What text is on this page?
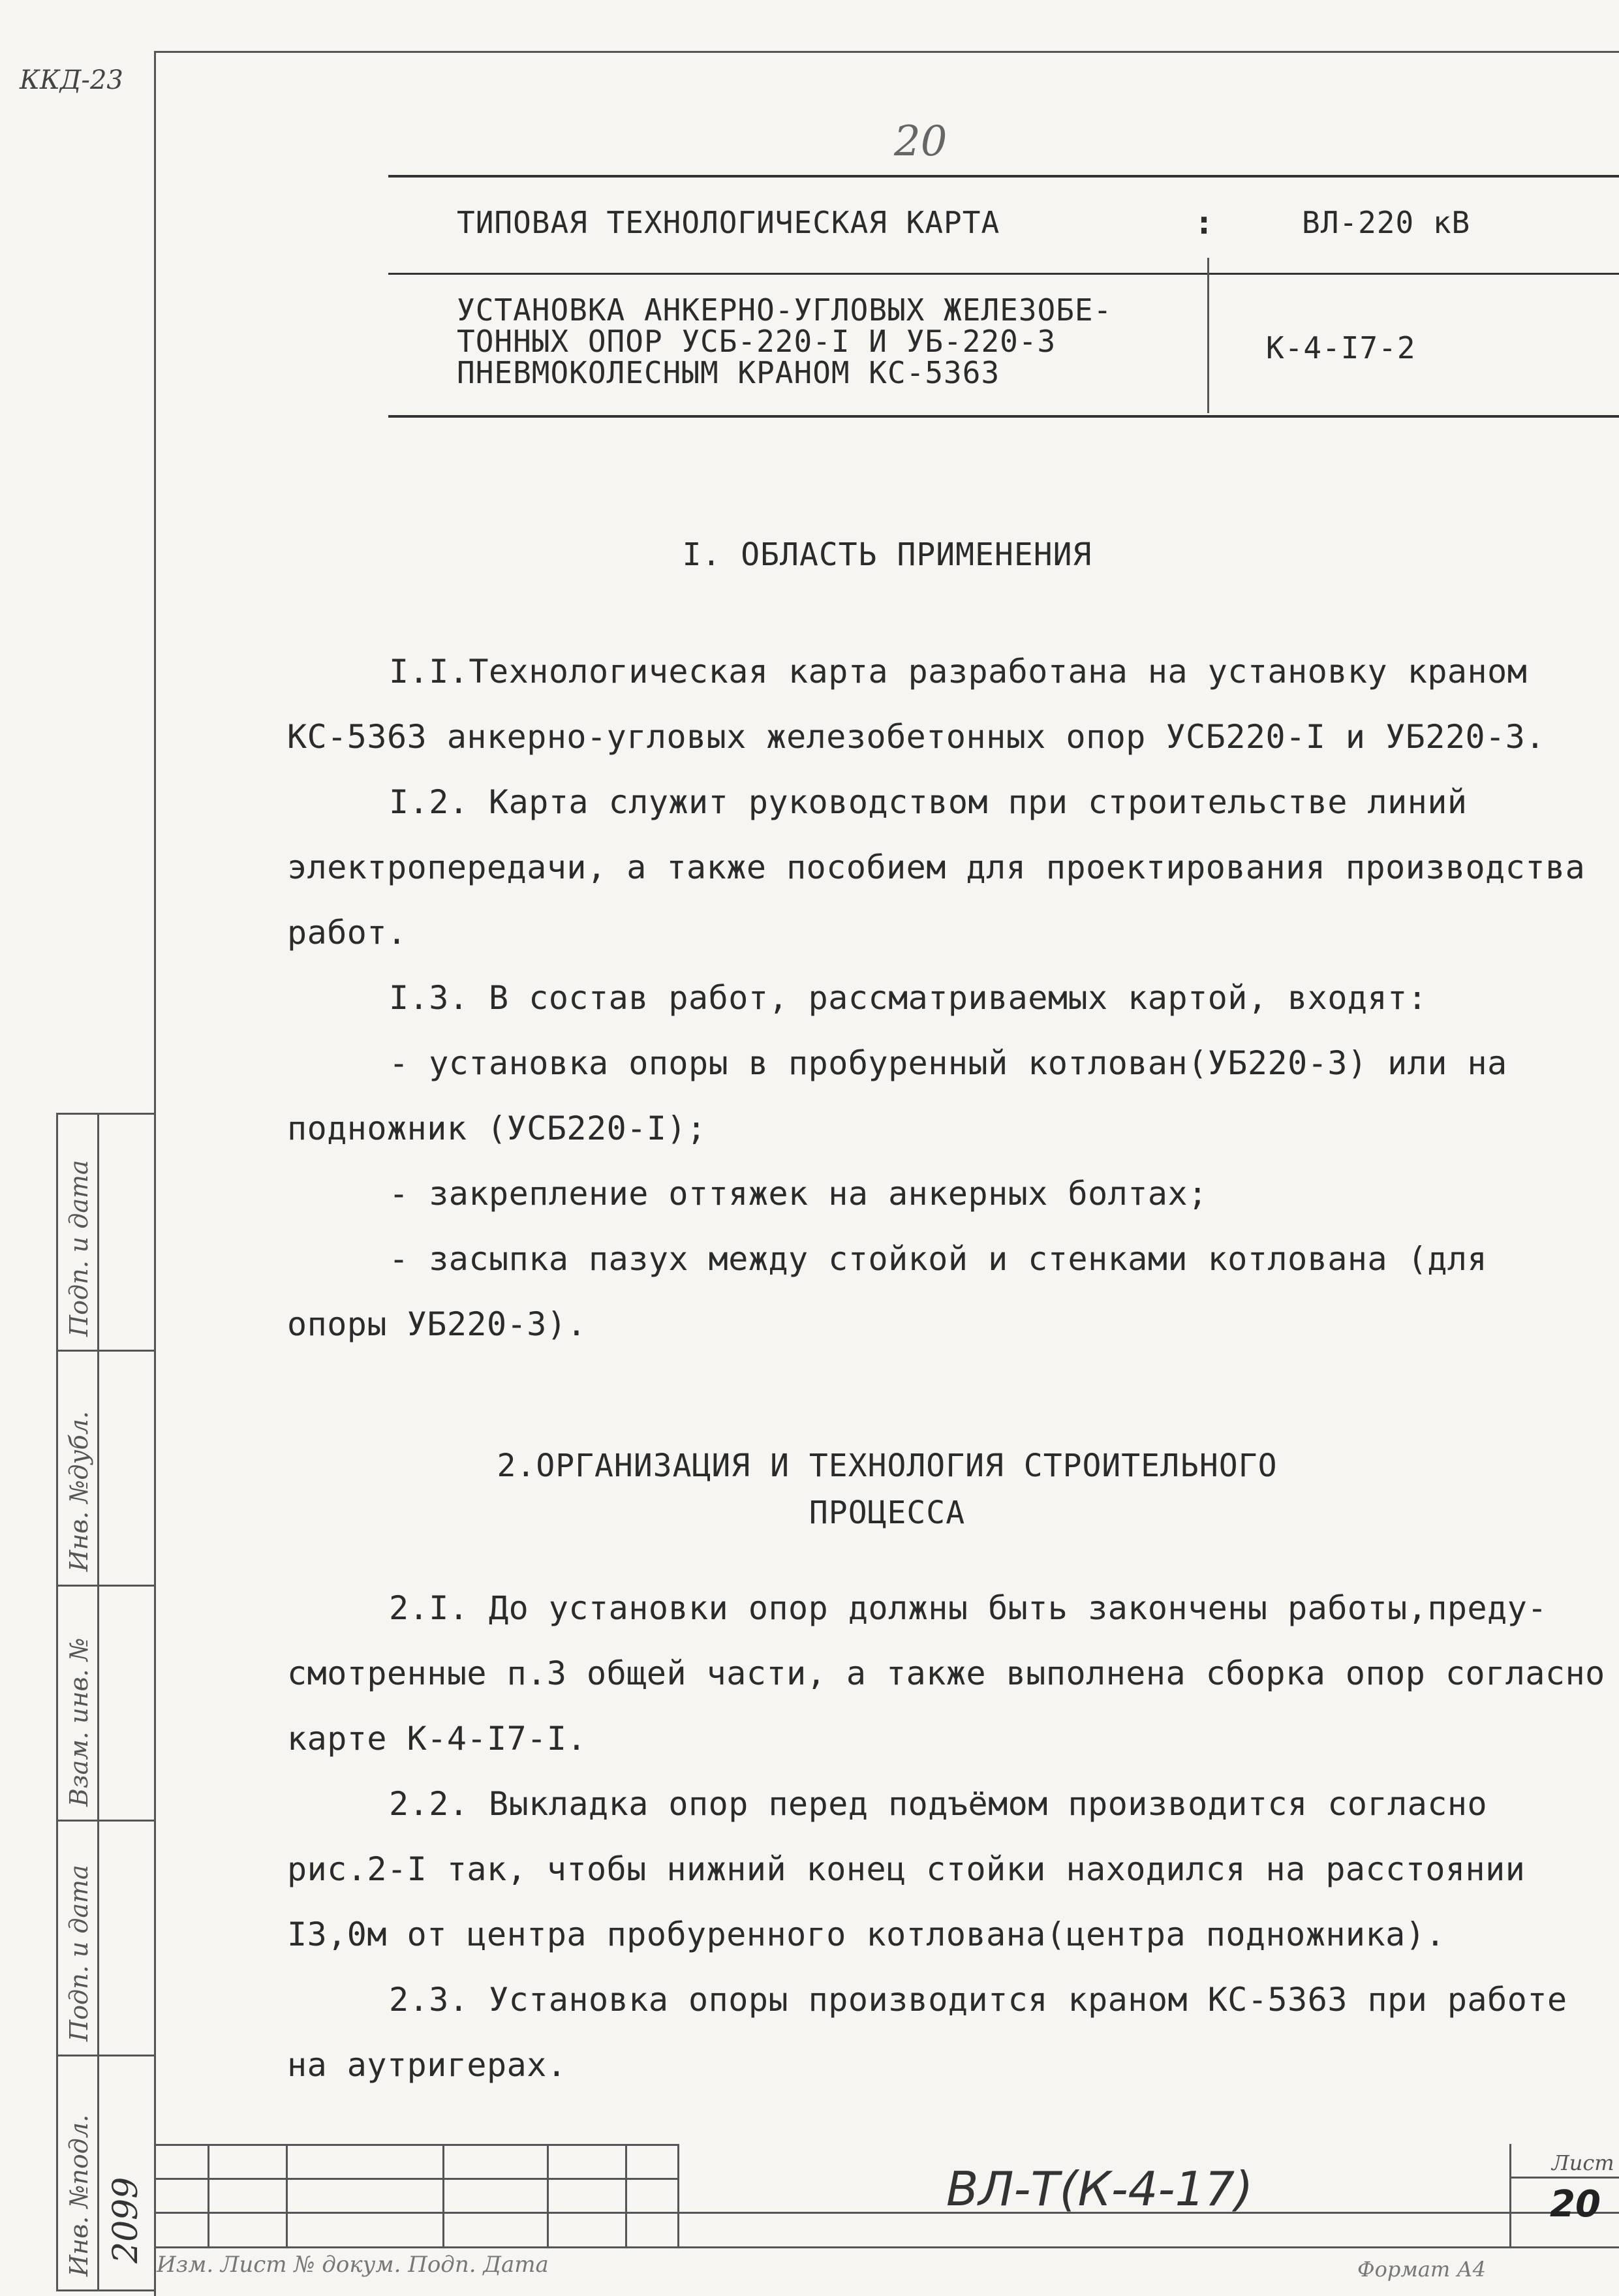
ККД-23
20
ТИПОВАЯ ТЕХНОЛОГИЧЕСКАЯ КАРТА	:	ВЛ-220 кВ
УСТАНОВКА АНКЕРНО-УГЛОВЫХ ЖЕЛЕЗОБЕ-
ТОННЫХ ОПОР УСБ-220-I И УБ-220-3
ПНЕВМОКОЛЕСНЫМ КРАНОМ КС-5363
К-4-I7-2
I. ОБЛАСТЬ ПРИМЕНЕНИЯ
I.I.Технологическая карта разработана на установку краном
КС-5363 анкерно-угловых железобетонных опор УСБ220-I и УБ220-3.
I.2. Карта служит руководством при строительстве линий
электропередачи, а также пособием для проектирования производства
работ.
I.3. В состав работ, рассматриваемых картой, входят:
- установка опоры в пробуренный котлован(УБ220-3) или на
подножник (УСБ220-I);
- закрепление оттяжек на анкерных болтах;
- засыпка пазух между стойкой и стенками котлована (для
опоры УБ220-3).
2.ОРГАНИЗАЦИЯ И ТЕХНОЛОГИЯ СТРОИТЕЛЬНОГО
ПРОЦЕССА
2.I. До установки опор должны быть закончены работы,преду-
смотренные п.3 общей части, а также выполнена сборка опор согласно
карте К-4-I7-I.
2.2. Выкладка опор перед подъёмом производится согласно
рис.2-I так, чтобы нижний конец стойки находился на расстоянии
I3,0м от центра пробуренного котлована(центра подножника).
2.3. Установка опоры производится краном КС-5363 при работе
на аутригерах.
Инв. №подл.
Подп. и дата
Взам. инв. №
Инв. №дубл.
Подп. и дата
2099	ВЛ-Т(К-4-17)	Лист
20
Изм. Лист № докум. Подп. Дата	Формат А4
